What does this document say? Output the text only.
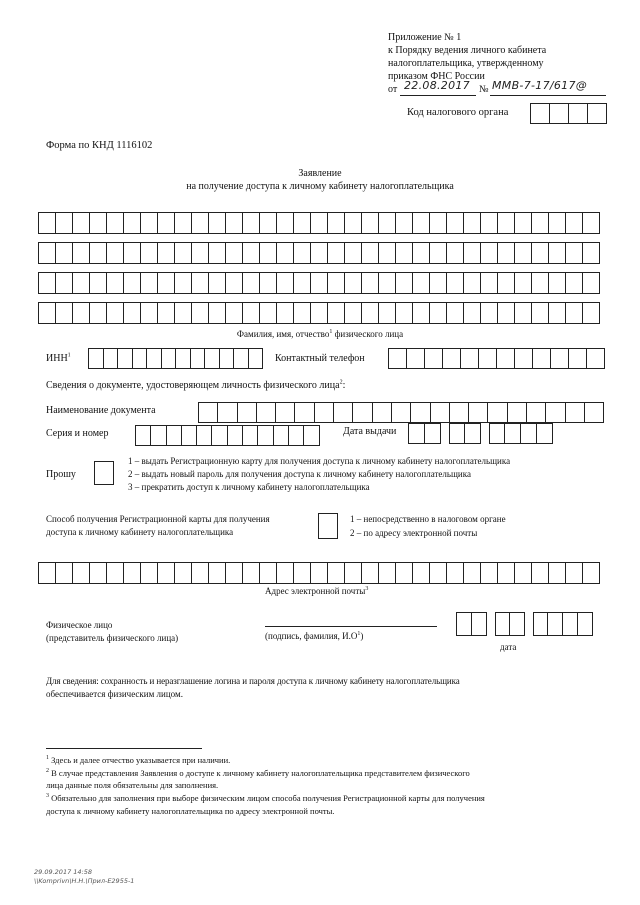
Приложение № 1
к Порядку ведения личного кабинета
налогоплательщика, утвержденному
приказом ФНС России
от 22.08.2017 № ММВ-7-17/617@
Код налогового органа
Форма по КНД 1116102
Заявление
на получение доступа к личному кабинету налогоплательщика
Фамилия, имя, отчество$^1$ физического лица
ИНН$^1$	Контактный телефон
Сведения о документе, удостоверяющем личность физического лица$^2$:
Наименование документа
Серия и номер	Дата выдачи
Прошу
1 – выдать Регистрационную карту для получения доступа к личному кабинету налогоплательщика
2 – выдать новый пароль для получения доступа к личному кабинету налогоплательщика
3 – прекратить доступ к личному кабинету налогоплательщика
Способ получения Регистрационной карты для получения
доступа к личному кабинету налогоплательщика
1 – непосредственно в налоговом органе
2 – по адресу электронной почты
Адрес электронной почты$^3$
Физическое лицо
(представитель физического лица)	(подпись, фамилия, $И.О^1$)
дата
Для сведения: сохранность и неразглашение логина и пароля доступа к личному кабинету налогоплательщика
обеспечивается физическим лицом.
$^1$ Здесь и далее отчество указывается при наличии.
$^2$ В случае представления Заявления о доступе к личному кабинету налогоплательщика представителем физического
лица данные поля обязательны для заполнения.
$^3$ Обязательно для заполнения при выборе физическим лицом способа получения Регистрационной карты для получения
доступа к личному кабинету налогоплательщика по адресу электронной почты.
29.09.2017 14:58
\\Komprivn\Н.Н.\Прил-Е2955-1
